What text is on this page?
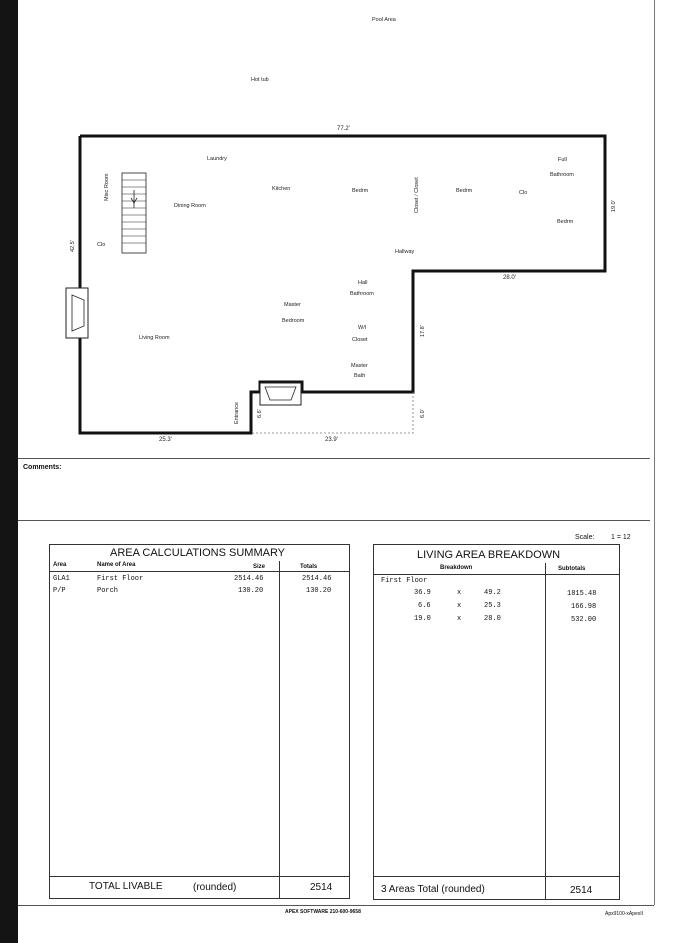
Pool Area
Hot tub
77.2'
19.0'
28.0'
42.5'
25.3'	23.9'
17.8'
6.6'	6.0'
Laundry
Misc Room
Dining Room
Kitchen	Bedrm	Closet / Closet	Bedrm	Clo
Full
Bathroom
Bedrm
Clo
Hallway
Hall
Bathroom
Master
Bedroom
W/I
Closet
Living Room
Master
Bath
Entrance
Comments:
Scale: 1 = 12
AREA CALCULATIONS SUMMARY
Area	Name of Area	Size	Totals
GLA1	First Floor	2514.46	2514.46
P/P	Porch	130.20	130.20
TOTAL LIVABLE	(rounded)	2514
LIVING AREA BREAKDOWN
Breakdown	Subtotals
First Floor
36.9	x	49.2	1815.48
6.6	x	25.3	166.98
19.0	x	28.0	532.00
3 Areas Total (rounded)	2514
APEX SOFTWARE 210-600-9658	Apx9100-xApexII
